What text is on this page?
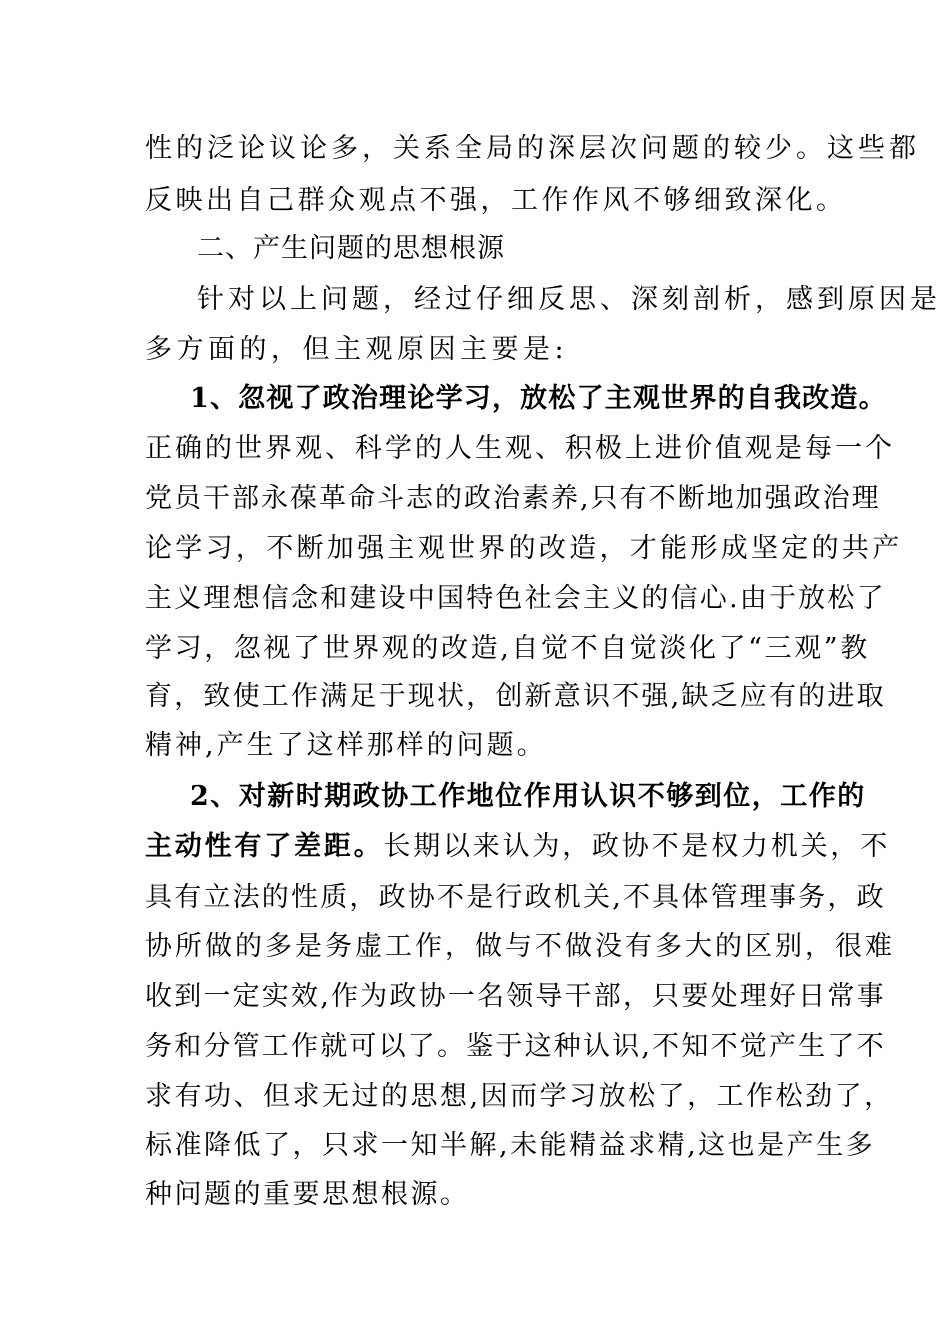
性的泛论议论多，关系全局的深层次问题的较少。这些都
反映出自己群众观点不强，工作作风不够细致深化。
二、产生问题的思想根源
针对以上问题，经过仔细反思、深刻剖析，感到原因是
多方面的，但主观原因主要是:
1、忽视了政治理论学习，放松了主观世界的自我改造。
正确的世界观、科学的人生观、积极上进价值观是每一个
党员干部永葆革命斗志的政治素养,只有不断地加强政治理
论学习，不断加强主观世界的改造，才能形成坚定的共产
主义理想信念和建设中国特色社会主义的信心.由于放松了
学习，忽视了世界观的改造,自觉不自觉淡化了“三观”教
育，致使工作满足于现状，创新意识不强,缺乏应有的进取
精神,产生了这样那样的问题。
2、对新时期政协工作地位作用认识不够到位，工作的
主动性有了差距。长期以来认为，政协不是权力机关，不
具有立法的性质，政协不是行政机关,不具体管理事务，政
协所做的多是务虚工作，做与不做没有多大的区别，很难
收到一定实效,作为政协一名领导干部，只要处理好日常事
务和分管工作就可以了。鉴于这种认识,不知不觉产生了不
求有功、但求无过的思想,因而学习放松了，工作松劲了，
标准降低了，只求一知半解,未能精益求精,这也是产生多
种问题的重要思想根源。
